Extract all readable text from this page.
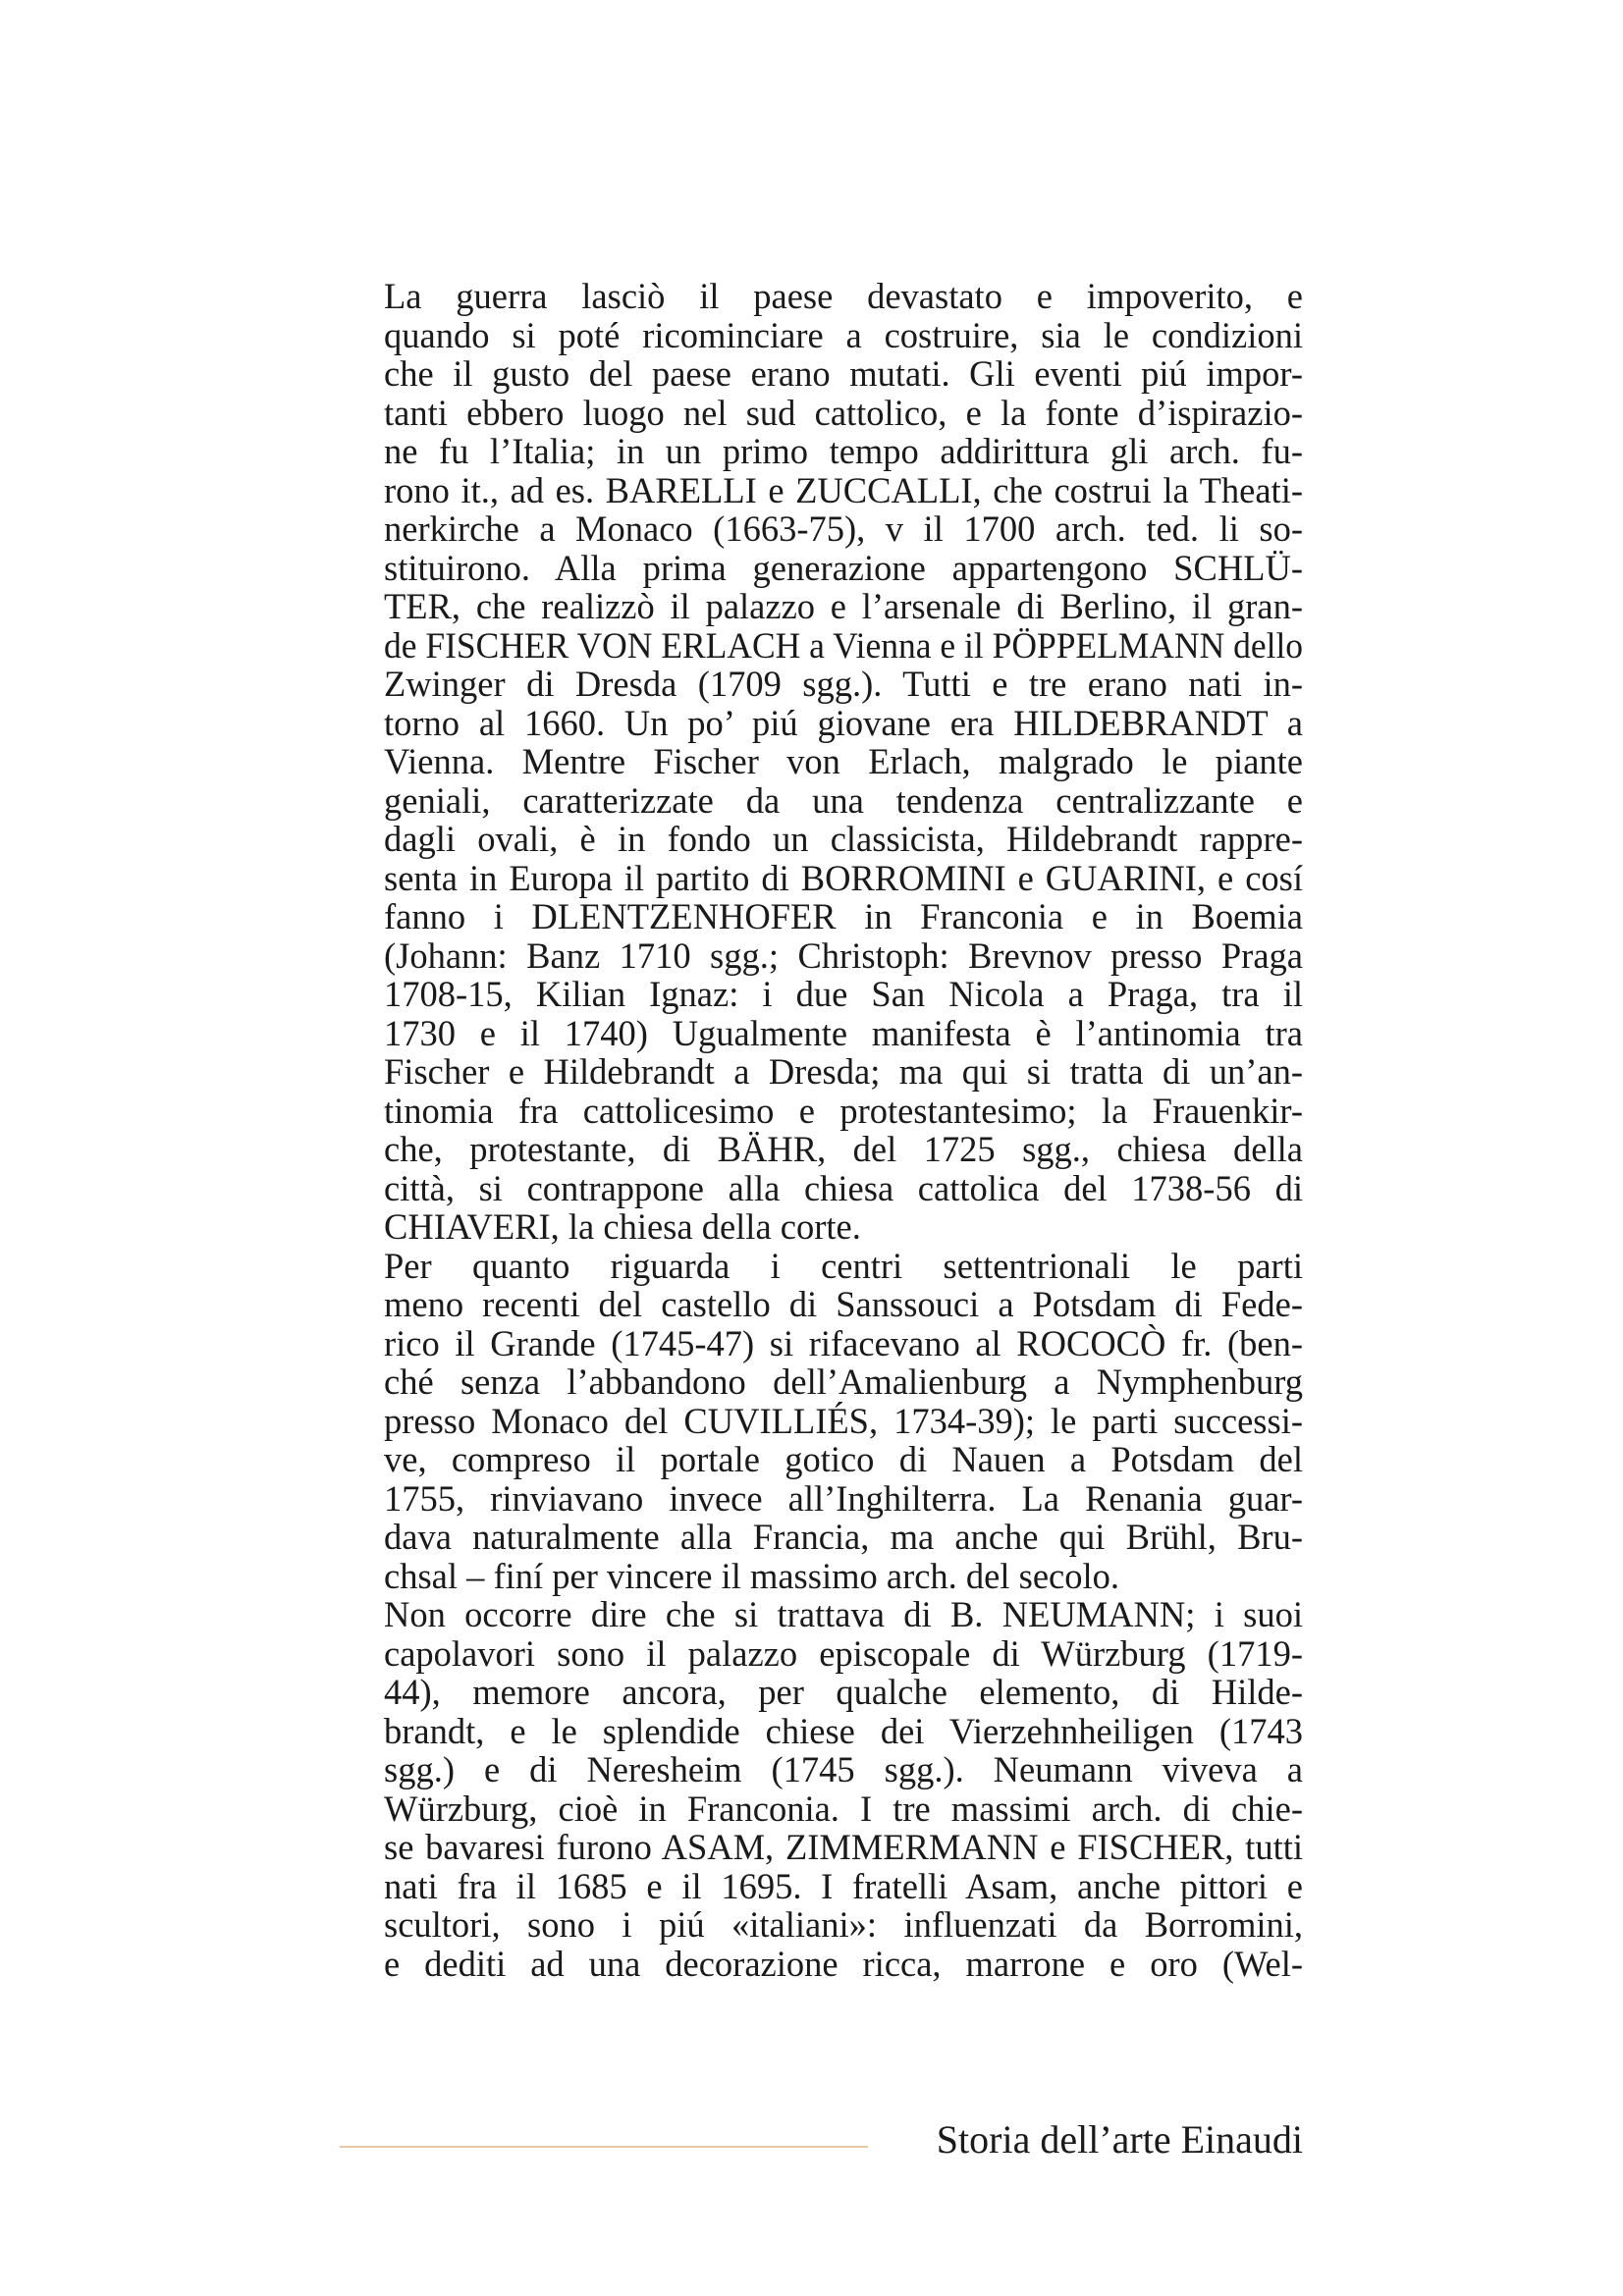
La guerra lasciò il paese devastato e impoverito, e
quando si poté ricominciare a costruire, sia le condizioni
che il gusto del paese erano mutati. Gli eventi piú impor-
tanti ebbero luogo nel sud cattolico, e la fonte d’ispirazio-
ne fu l’Italia; in un primo tempo addirittura gli arch. fu-
rono it., ad es. BARELLI e ZUCCALLI, che costrui la Theati-
nerkirche a Monaco (1663-75), v il 1700 arch. ted. li so-
stituirono. Alla prima generazione appartengono SCHLÜ-
TER, che realizzò il palazzo e l’arsenale di Berlino, il gran-
de FISCHER VON ERLACH a Vienna e il PÖPPELMANN dello
Zwinger di Dresda (1709 sgg.). Tutti e tre erano nati in-
torno al 1660. Un po’ piú giovane era HILDEBRANDT a
Vienna. Mentre Fischer von Erlach, malgrado le piante
geniali, caratterizzate da una tendenza centralizzante e
dagli ovali, è in fondo un classicista, Hildebrandt rappre-
senta in Europa il partito di BORROMINI e GUARINI, e cosí
fanno i DLENTZENHOFER in Franconia e in Boemia
(Johann: Banz 1710 sgg.; Christoph: Brevnov presso Praga
1708-15, Kilian Ignaz: i due San Nicola a Praga, tra il
1730 e il 1740) Ugualmente manifesta è l’antinomia tra
Fischer e Hildebrandt a Dresda; ma qui si tratta di un’an-
tinomia fra cattolicesimo e protestantesimo; la Frauenkir-
che, protestante, di BÄHR, del 1725 sgg., chiesa della
città, si contrappone alla chiesa cattolica del 1738-56 di
CHIAVERI, la chiesa della corte.
Per quanto riguarda i centri settentrionali le parti
meno recenti del castello di Sanssouci a Potsdam di Fede-
rico il Grande (1745-47) si rifacevano al ROCOCÒ fr. (ben-
ché senza l’abbandono dell’Amalienburg a Nymphenburg
presso Monaco del CUVILLIÉS, 1734-39); le parti successi-
ve, compreso il portale gotico di Nauen a Potsdam del
1755, rinviavano invece all’Inghilterra. La Renania guar-
dava naturalmente alla Francia, ma anche qui Brühl, Bru-
chsal – finí per vincere il massimo arch. del secolo.
Non occorre dire che si trattava di B. NEUMANN; i suoi
capolavori sono il palazzo episcopale di Würzburg (1719-
44), memore ancora, per qualche elemento, di Hilde-
brandt, e le splendide chiese dei Vierzehnheiligen (1743
sgg.) e di Neresheim (1745 sgg.). Neumann viveva a
Würzburg, cioè in Franconia. I tre massimi arch. di chie-
se bavaresi furono ASAM, ZIMMERMANN e FISCHER, tutti
nati fra il 1685 e il 1695. I fratelli Asam, anche pittori e
scultori, sono i piú «italiani»: influenzati da Borromini,
e dediti ad una decorazione ricca, marrone e oro (Wel-
Storia dell’arte Einaudi
